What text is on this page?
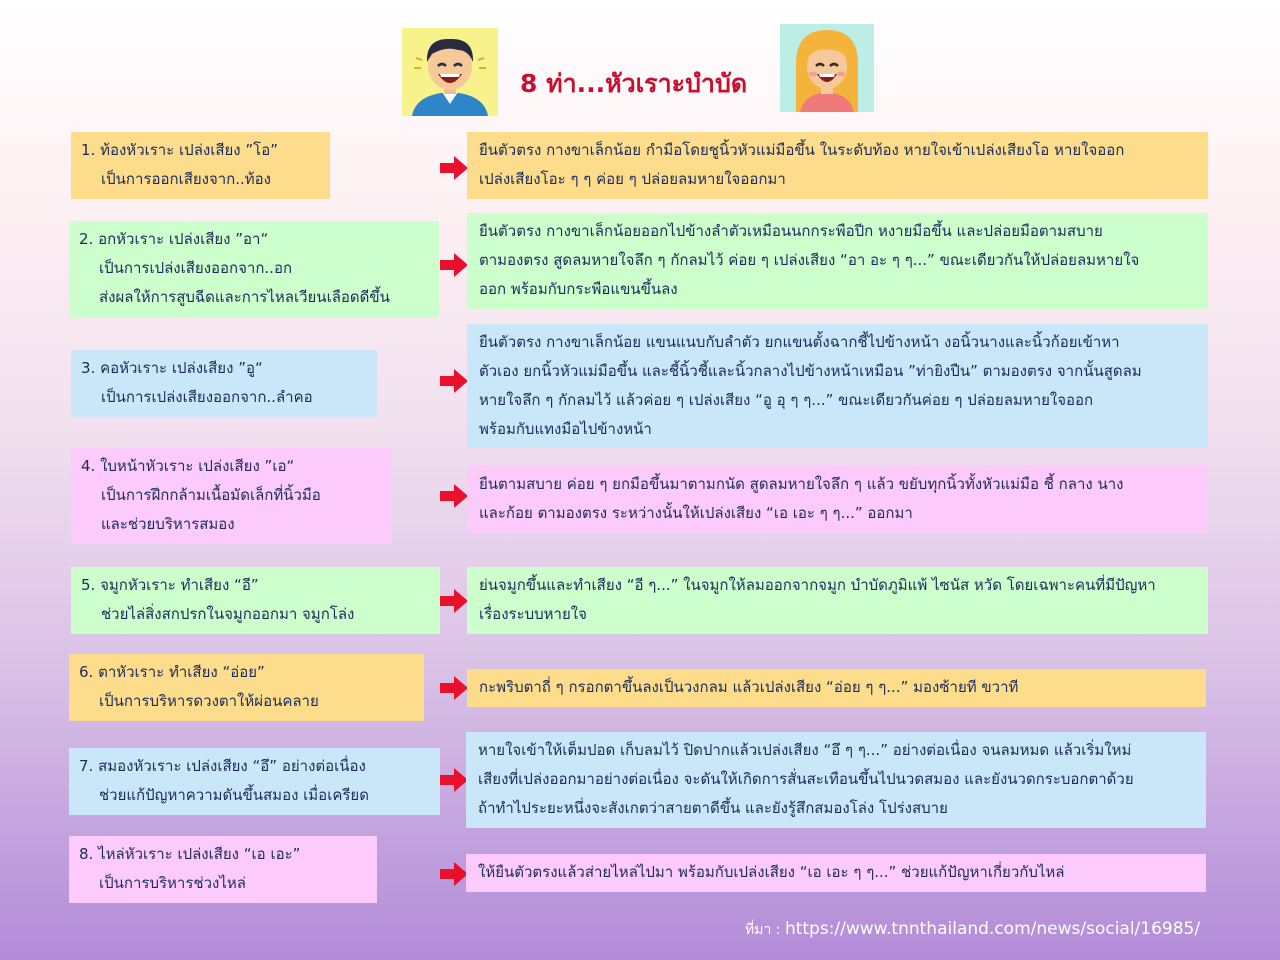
8 ท่า...หัวเราะบำบัด
1. ท้องหัวเราะ เปล่งเสียง ”โอ”
เป็นการออกเสียงจาก..ท้อง
ยืนตัวตรง กางขาเล็กน้อย กำมือโดยชูนิ้วหัวแม่มือขึ้น ในระดับท้อง หายใจเข้าเปล่งเสียงโอ หายใจออก
เปล่งเสียงโอะ ๆ ๆ ค่อย ๆ ปล่อยลมหายใจออกมา
2. อกหัวเราะ เปล่งเสียง ”อา“
เป็นการเปล่งเสียงออกจาก..อก
ส่งผลให้การสูบฉีดและการไหลเวียนเลือดดีขึ้น
ยืนตัวตรง กางขาเล็กน้อยออกไปข้างลำตัวเหมือนนกกระพือปีก หงายมือขึ้น และปล่อยมือตามสบาย
ตามองตรง สูดลมหายใจลึก ๆ กักลมไว้ ค่อย ๆ เปล่งเสียง “อา อะ ๆ ๆ...” ขณะเดียวกันให้ปล่อยลมหายใจ
ออก พร้อมกับกระพือแขนขึ้นลง
3. คอหัวเราะ เปล่งเสียง ”อู“
เป็นการเปล่งเสียงออกจาก..ลำคอ
ยืนตัวตรง กางขาเล็กน้อย แขนแนบกับลำตัว ยกแขนตั้งฉากชี้ไปข้างหน้า งอนิ้วนางและนิ้วก้อยเข้าหา
ตัวเอง ยกนิ้วหัวแม่มือขึ้น และชี้นิ้วชี้และนิ้วกลางไปข้างหน้าเหมือน ”ท่ายิงปืน” ตามองตรง จากนั้นสูดลม
หายใจลึก ๆ กักลมไว้ แล้วค่อย ๆ เปล่งเสียง “อู อุ ๆ ๆ...” ขณะเดียวกันค่อย ๆ ปล่อยลมหายใจออก
พร้อมกับแทงมือไปข้างหน้า
4. ใบหน้าหัวเราะ เปล่งเสียง ”เอ“
เป็นการฝึกกล้ามเนื้อมัดเล็กที่นิ้วมือ
และช่วยบริหารสมอง
ยืนตามสบาย ค่อย ๆ ยกมือขึ้นมาตามกนัด สูดลมหายใจลึก ๆ แล้ว ขยับทุกนิ้วทั้งหัวแม่มือ ชี้ กลาง นาง
และก้อย ตามองตรง ระหว่างนั้นให้เปล่งเสียง “เอ เอะ ๆ ๆ...” ออกมา
5. จมูกหัวเราะ ทำเสียง “อี”
ช่วยไล่สิ่งสกปรกในจมูกออกมา จมูกโล่ง
ย่นจมูกขึ้นและทำเสียง “อี ๆ...” ในจมูกให้ลมออกจากจมูก บำบัดภูมิแพ้ ไซนัส หวัด โดยเฉพาะคนที่มีปัญหา
เรื่องระบบหายใจ
6. ตาหัวเราะ ทำเสียง “อ่อย”
เป็นการบริหารดวงตาให้ผ่อนคลาย
กะพริบตาถี่ ๆ กรอกตาขึ้นลงเป็นวงกลม แล้วเปล่งเสียง “อ่อย ๆ ๆ...” มองซ้ายที ขวาที
7. สมองหัวเราะ เปล่งเสียง “อึ” อย่างต่อเนื่อง
ช่วยแก้ปัญหาความดันขึ้นสมอง เมื่อเครียด
หายใจเข้าให้เต็มปอด เก็บลมไว้ ปิดปากแล้วเปล่งเสียง “อึ ๆ ๆ...” อย่างต่อเนื่อง จนลมหมด แล้วเริ่มใหม่
เสียงที่เปล่งออกมาอย่างต่อเนื่อง จะดันให้เกิดการสั่นสะเทือนขึ้นไปนวดสมอง และยังนวดกระบอกตาด้วย
ถ้าทำไประยะหนึ่งจะสังเกตว่าสายตาดีขึ้น และยังรู้สึกสมองโล่ง โปร่งสบาย
8. ไหล่หัวเราะ เปล่งเสียง “เอ เอะ”
เป็นการบริหารช่วงไหล่
ให้ยืนตัวตรงแล้วส่ายไหล่ไปมา พร้อมกับเปล่งเสียง “เอ เอะ ๆ ๆ...” ช่วยแก้ปัญหาเกี่ยวกับไหล่
ที่มา : https://www.tnnthailand.com/news/social/16985/
